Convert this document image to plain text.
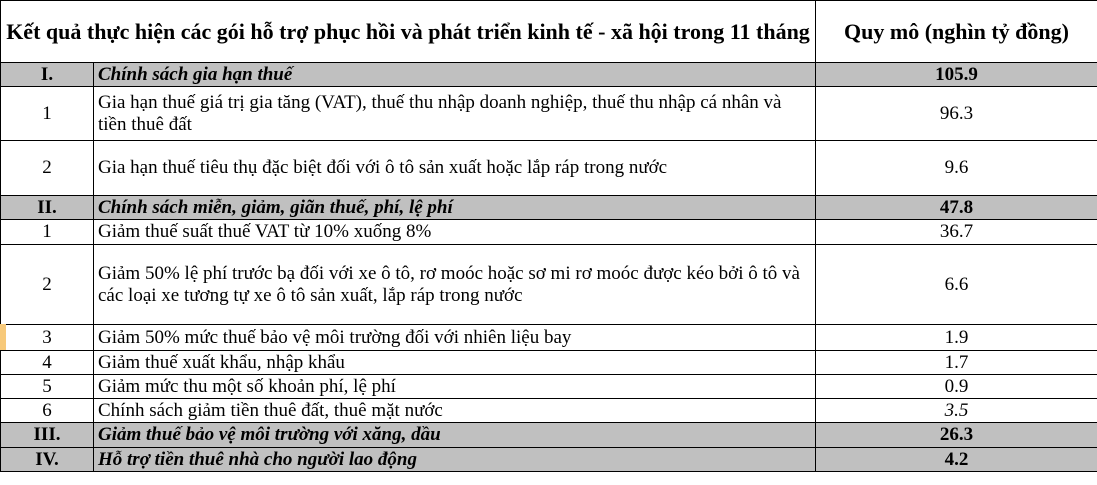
Kết quả thực hiện các gói hỗ trợ phục hồi và phát triển kinh tế - xã hội trong 11 tháng		Quy mô (nghìn tỷ đồng)
I.	Chính sách gia hạn thuế	105.9
1	Gia hạn thuế giá trị gia tăng (VAT), thuế thu nhập doanh nghiệp, thuế thu nhập cá nhân và tiền thuê đất	96.3
2	Gia hạn thuế tiêu thụ đặc biệt đối với ô tô sản xuất hoặc lắp ráp trong nước	9.6
II.	Chính sách miễn, giảm, giãn thuế, phí, lệ phí	47.8
1	Giảm thuế suất thuế VAT từ 10% xuống 8%	36.7
2	Giảm 50% lệ phí trước bạ đối với xe ô tô, rơ moóc hoặc sơ mi rơ moóc được kéo bởi ô tô và các loại xe tương tự xe ô tô sản xuất, lắp ráp trong nước	6.6
3	Giảm 50% mức thuế bảo vệ môi trường đối với nhiên liệu bay	1.9
4	Giảm thuế xuất khẩu, nhập khẩu	1.7
5	Giảm mức thu một số khoản phí, lệ phí	0.9
6	Chính sách giảm tiền thuê đất, thuê mặt nước	3.5
III.	Giảm thuế bảo vệ môi trường với xăng, dầu	26.3
IV.	Hỗ trợ tiền thuê nhà cho người lao động	4.2
